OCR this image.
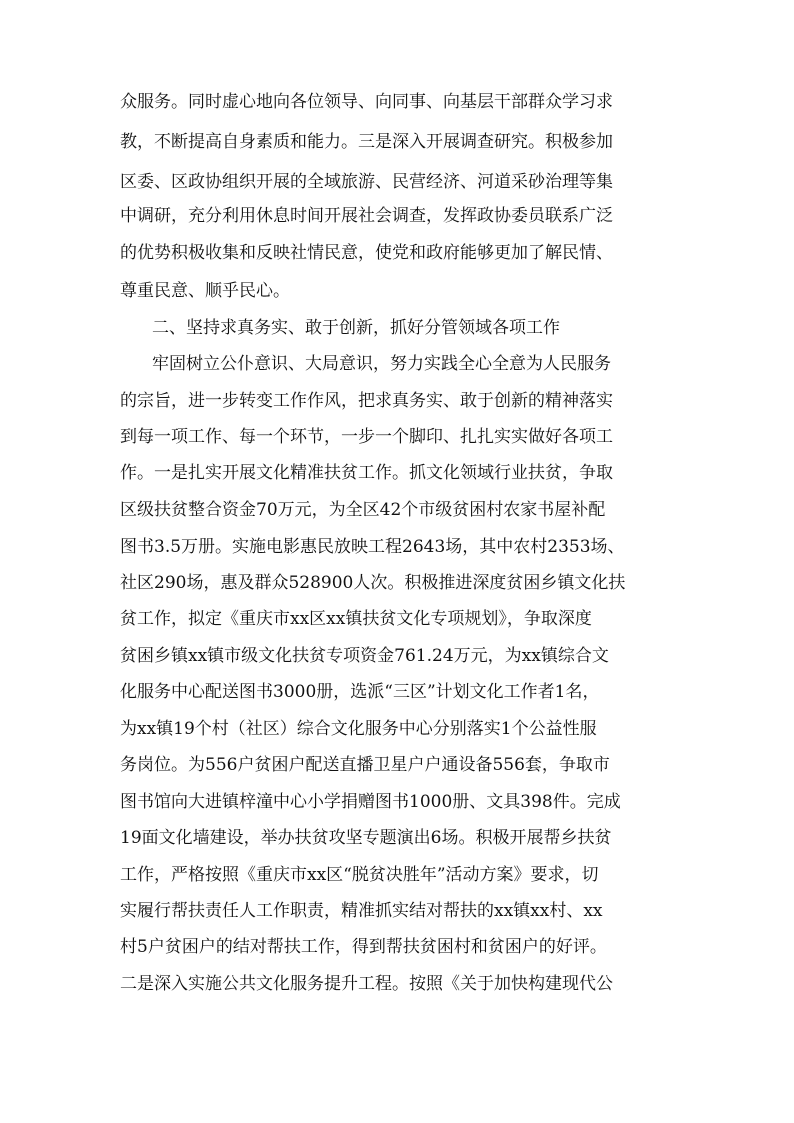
众服务。同时虚心地向各位领导、向同事、向基层干部群众学习求
教，不断提高自身素质和能力。三是深入开展调查研究。积极参加
区委、区政协组织开展的全域旅游、民营经济、河道采砂治理等集
中调研，充分利用休息时间开展社会调查，发挥政协委员联系广泛
的优势积极收集和反映社情民意，使党和政府能够更加了解民情、
尊重民意、顺乎民心。
二、坚持求真务实、敢于创新，抓好分管领域各项工作
牢固树立公仆意识、大局意识，努力实践全心全意为人民服务
的宗旨，进一步转变工作作风，把求真务实、敢于创新的精神落实
到每一项工作、每一个环节，一步一个脚印、扎扎实实做好各项工
作。一是扎实开展文化精准扶贫工作。抓文化领域行业扶贫，争取
区级扶贫整合资金70万元，为全区42个市级贫困村农家书屋补配
图书3.5万册。实施电影惠民放映工程2643场，其中农村2353场、
社区290场，惠及群众528900人次。积极推进深度贫困乡镇文化扶
贫工作，拟定《重庆市xx区xx镇扶贫文化专项规划》，争取深度
贫困乡镇xx镇市级文化扶贫专项资金761.24万元，为xx镇综合文
化服务中心配送图书3000册，选派“三区”计划文化工作者1名，
为xx镇19个村（社区）综合文化服务中心分别落实1个公益性服
务岗位。为556户贫困户配送直播卫星户户通设备556套，争取市
图书馆向大进镇梓潼中心小学捐赠图书1000册、文具398件。完成
19面文化墙建设，举办扶贫攻坚专题演出6场。积极开展帮乡扶贫
工作，严格按照《重庆市xx区“脱贫决胜年”活动方案》要求，切
实履行帮扶责任人工作职责，精准抓实结对帮扶的xx镇xx村、xx
村5户贫困户的结对帮扶工作，得到帮扶贫困村和贫困户的好评。
二是深入实施公共文化服务提升工程。按照《关于加快构建现代公
